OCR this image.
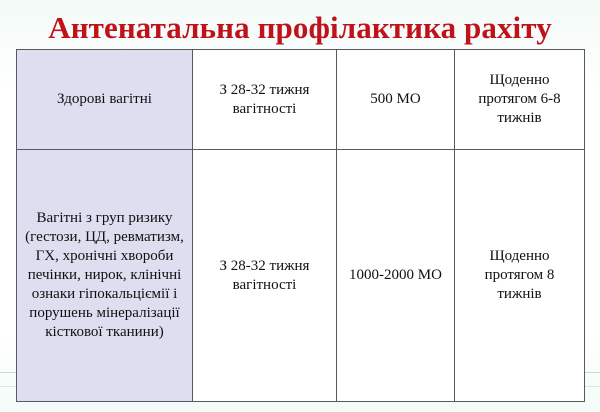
Антенатальна профілактика рахіту
Здорові вагітні	З 28-32 тижня вагітності	500 МО	Щоденно протягом 6-8 тижнів
Вагітні з груп ризику (гестози, ЦД, ревматизм, ГХ, хронічні хвороби печінки, нирок, клінічні ознаки гіпокальціємії і порушень мінералізації кісткової тканини)	З 28-32 тижня вагітності	1000-2000 МО	Щоденно протягом 8 тижнів
